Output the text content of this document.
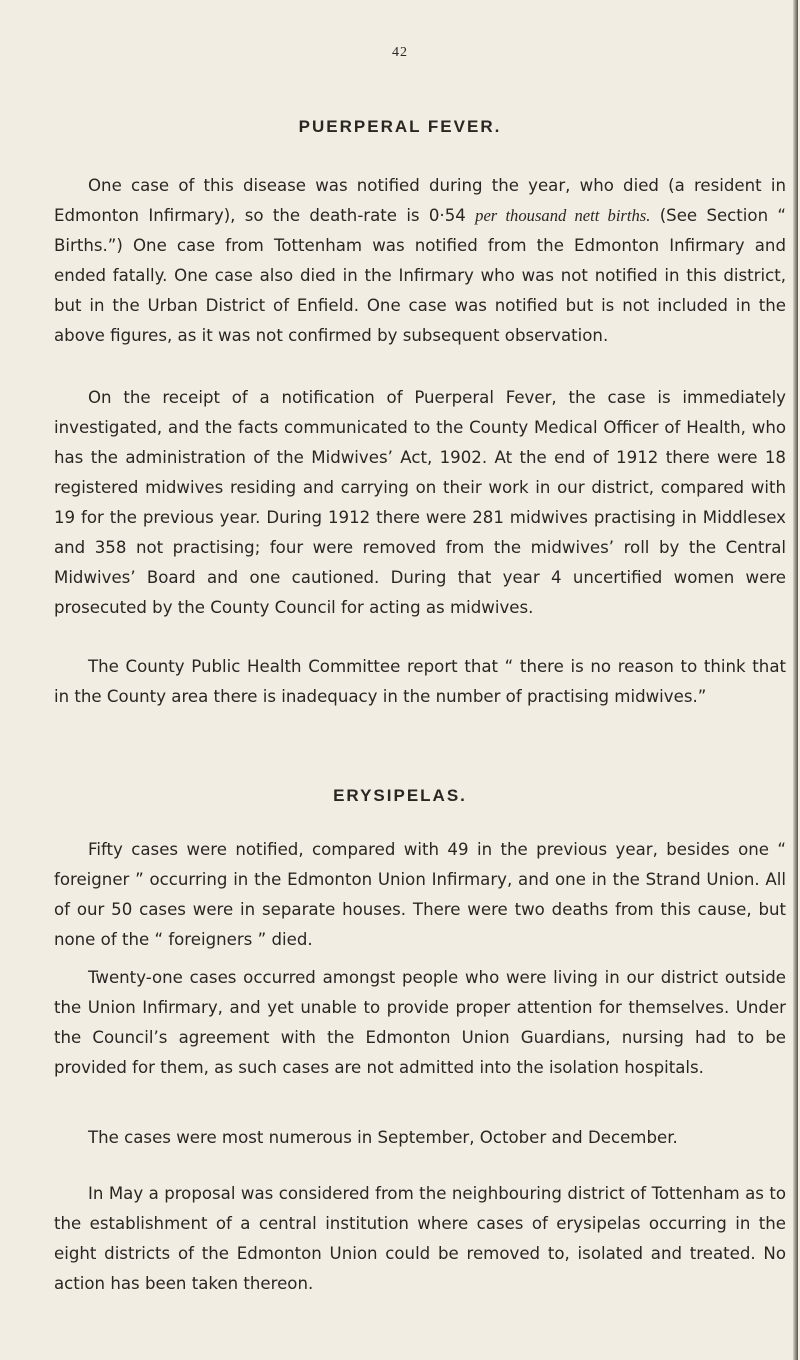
42
PUERPERAL FEVER.

One case of this disease was notified during the year, who died (a resident in Edmonton Infirmary), so the death-rate is 0·54 per thousand nett births. (See Section “ Births.”) One case from Tottenham was notified from the Edmonton Infirmary and ended fatally. One case also died in the Infirmary who was not notified in this district, but in the Urban District of Enfield. One case was notified but is not included in the above figures, as it was not confirmed by subsequent observation.

On the receipt of a notification of Puerperal Fever, the case is immediately investigated, and the facts communicated to the County Medical Officer of Health, who has the administration of the Midwives’ Act, 1902. At the end of 1912 there were 18 registered midwives residing and carrying on their work in our district, compared with 19 for the previous year. During 1912 there were 281 midwives practising in Middlesex and 358 not practising; four were removed from the midwives’ roll by the Central Midwives’ Board and one cautioned. During that year 4 uncertified women were prosecuted by the County Council for acting as midwives.

The County Public Health Committee report that “ there is no reason to think that in the County area there is inadequacy in the number of practising midwives.”

ERYSIPELAS.

Fifty cases were notified, compared with 49 in the previous year, besides one “ foreigner ” occurring in the Edmonton Union Infirmary, and one in the Strand Union. All of our 50 cases were in separate houses. There were two deaths from this cause, but none of the “ foreigners ” died.

Twenty-one cases occurred amongst people who were living in our district outside the Union Infirmary, and yet unable to provide proper attention for themselves. Under the Council’s agreement with the Edmonton Union Guardians, nursing had to be provided for them, as such cases are not admitted into the isolation hospitals.

The cases were most numerous in September, October and December.

In May a proposal was considered from the neighbouring district of Tottenham as to the establishment of a central institution where cases of erysipelas occurring in the eight districts of the Edmonton Union could be removed to, isolated and treated. No action has been taken thereon.
